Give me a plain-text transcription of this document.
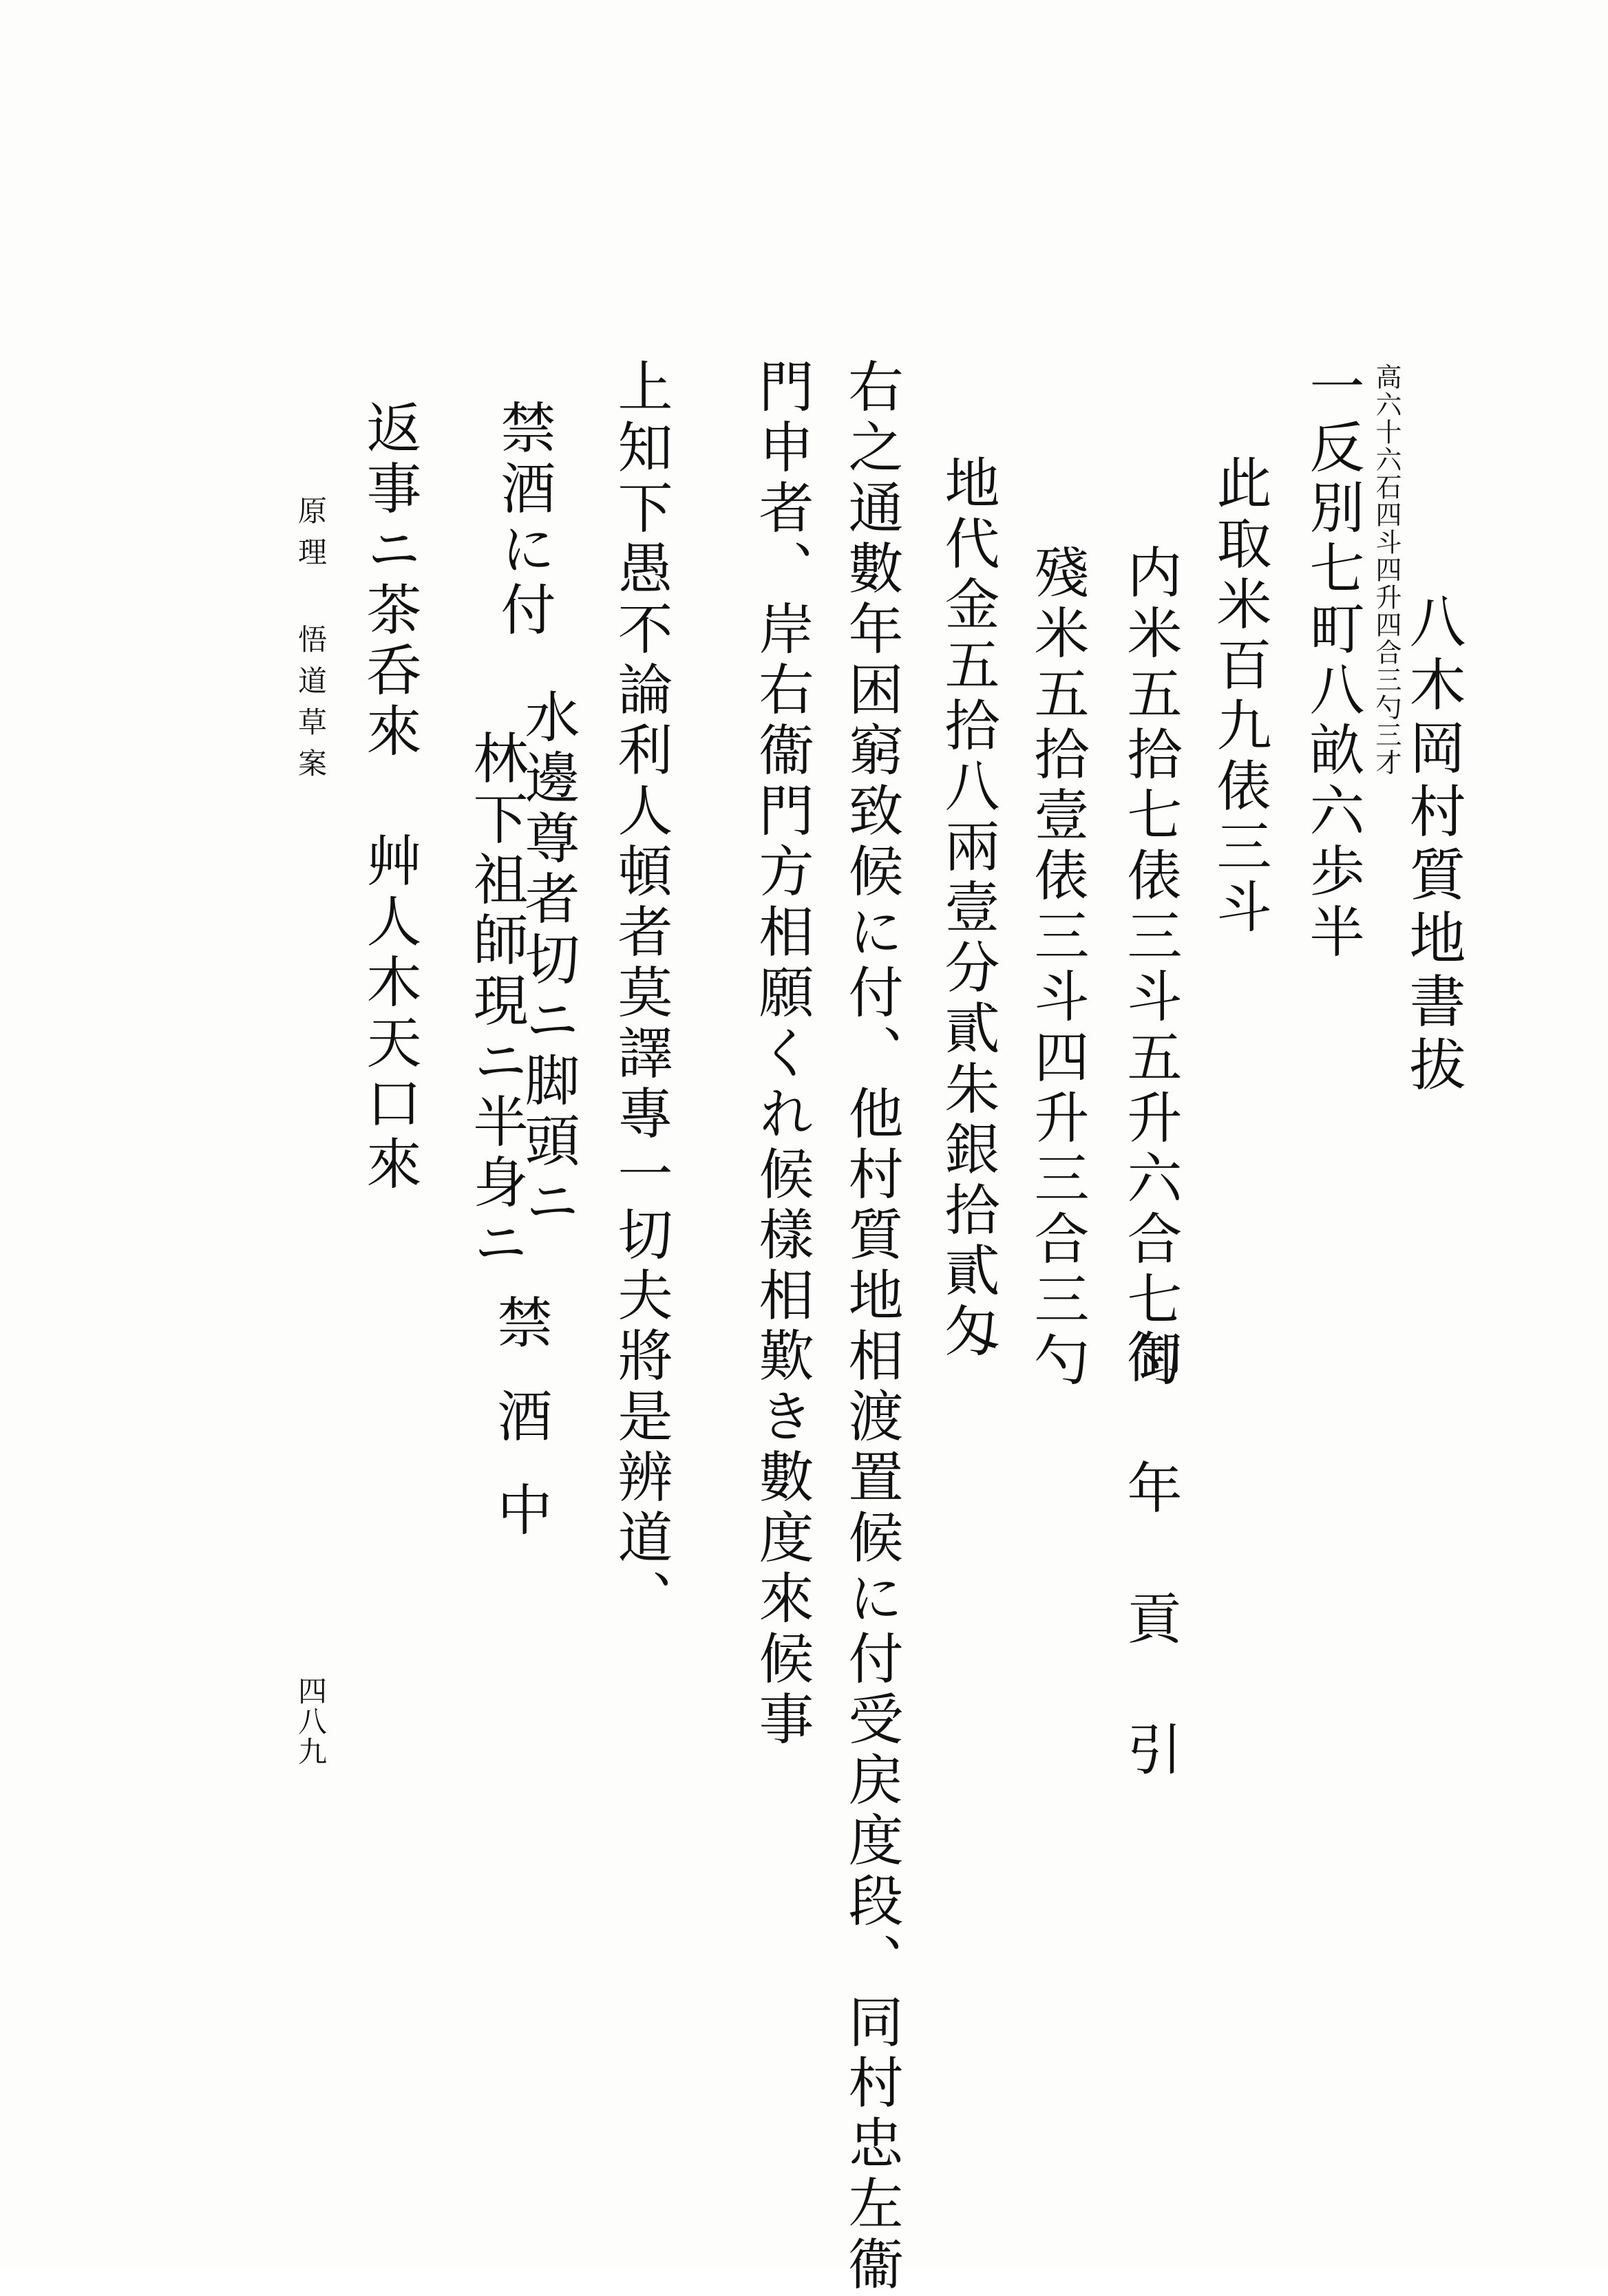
八木岡村質地書拔
高六十六石四斗四升四合三勺三才
一反別七町八畝六歩半
此取米百九俵三斗
内米五拾七俵三斗五升六合七勺
御年貢引
殘米五拾壹俵三斗四升三合三勺
地代金五拾八兩壹分貳朱銀拾貳匁
右之通數年困窮致候に付、他村質地相渡置候に付受戻度段、同村忠左衞
門申者、岸右衞門方相願くれ候樣相歎き數度來候事
上知下愚不論利人頓者莫譯專一切夫將是辨道、
禁酒に付
水邊尊者切ニ脚頭ニ
林下祖師現ニ半身ニ
禁酒中
返事ニ茶呑來 艸人木天口來
原理 悟道草案
四八九
